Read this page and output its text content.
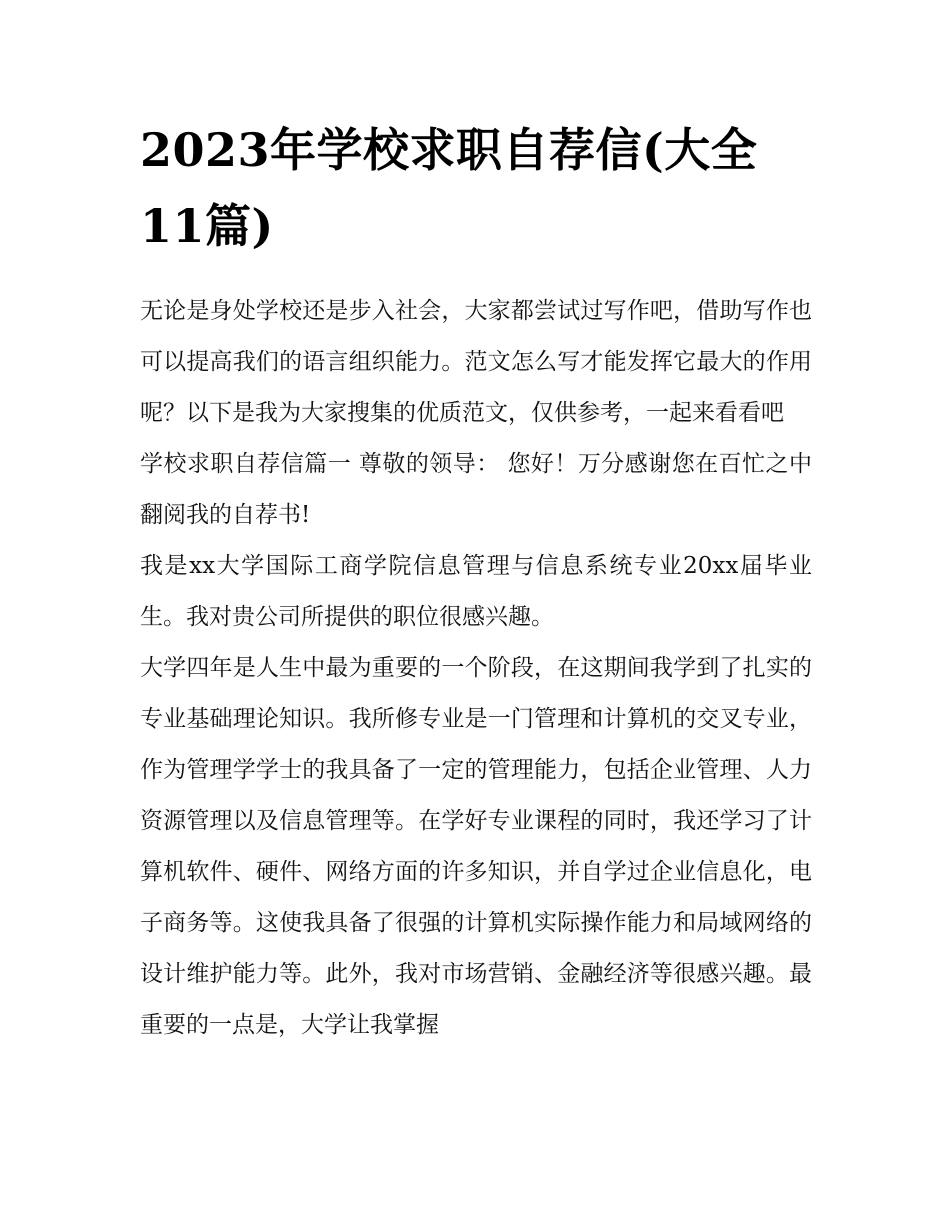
2023年学校求职自荐信(大全11篇)

无论是身处学校还是步入社会，大家都尝试过写作吧，借助写作也可以提高我们的语言组织能力。范文怎么写才能发挥它最大的作用呢？以下是我为大家搜集的优质范文，仅供参考，一起来看看吧

学校求职自荐信篇一 尊敬的领导： 您好！万分感谢您在百忙之中翻阅我的自荐书!

我是xx大学国际工商学院信息管理与信息系统专业20xx届毕业生。我对贵公司所提供的职位很感兴趣。

大学四年是人生中最为重要的一个阶段，在这期间我学到了扎实的专业基础理论知识。我所修专业是一门管理和计算机的交叉专业，作为管理学学士的我具备了一定的管理能力，包括企业管理、人力资源管理以及信息管理等。在学好专业课程的同时，我还学习了计算机软件、硬件、网络方面的许多知识，并自学过企业信息化，电子商务等。这使我具备了很强的计算机实际操作能力和局域网络的设计维护能力等。此外，我对市场营销、金融经济等很感兴趣。最重要的一点是，大学让我掌握
